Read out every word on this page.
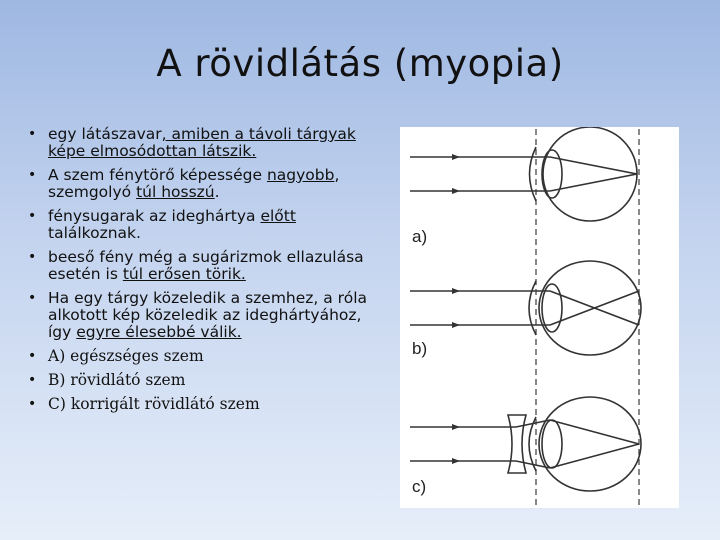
A rövidlátás (myopia)
• egy látászavar, amiben a távoli tárgyak képe elmosódottan látszik.
• A szem fénytörő képessége nagyobb, szemgolyó túl hosszú.
• fénysugarak az ideghártya előtt találkoznak.
• beeső fény még a sugárizmok ellazulása esetén is túl erősen törik.
• Ha egy tárgy közeledik a szemhez, a róla alkotott kép közeledik az ideghártyához, így egyre élesebbé válik.
• A) egészséges szem
• B) rövidlátó szem
• C) korrigált rövidlátó szem
a)
b)
c)
